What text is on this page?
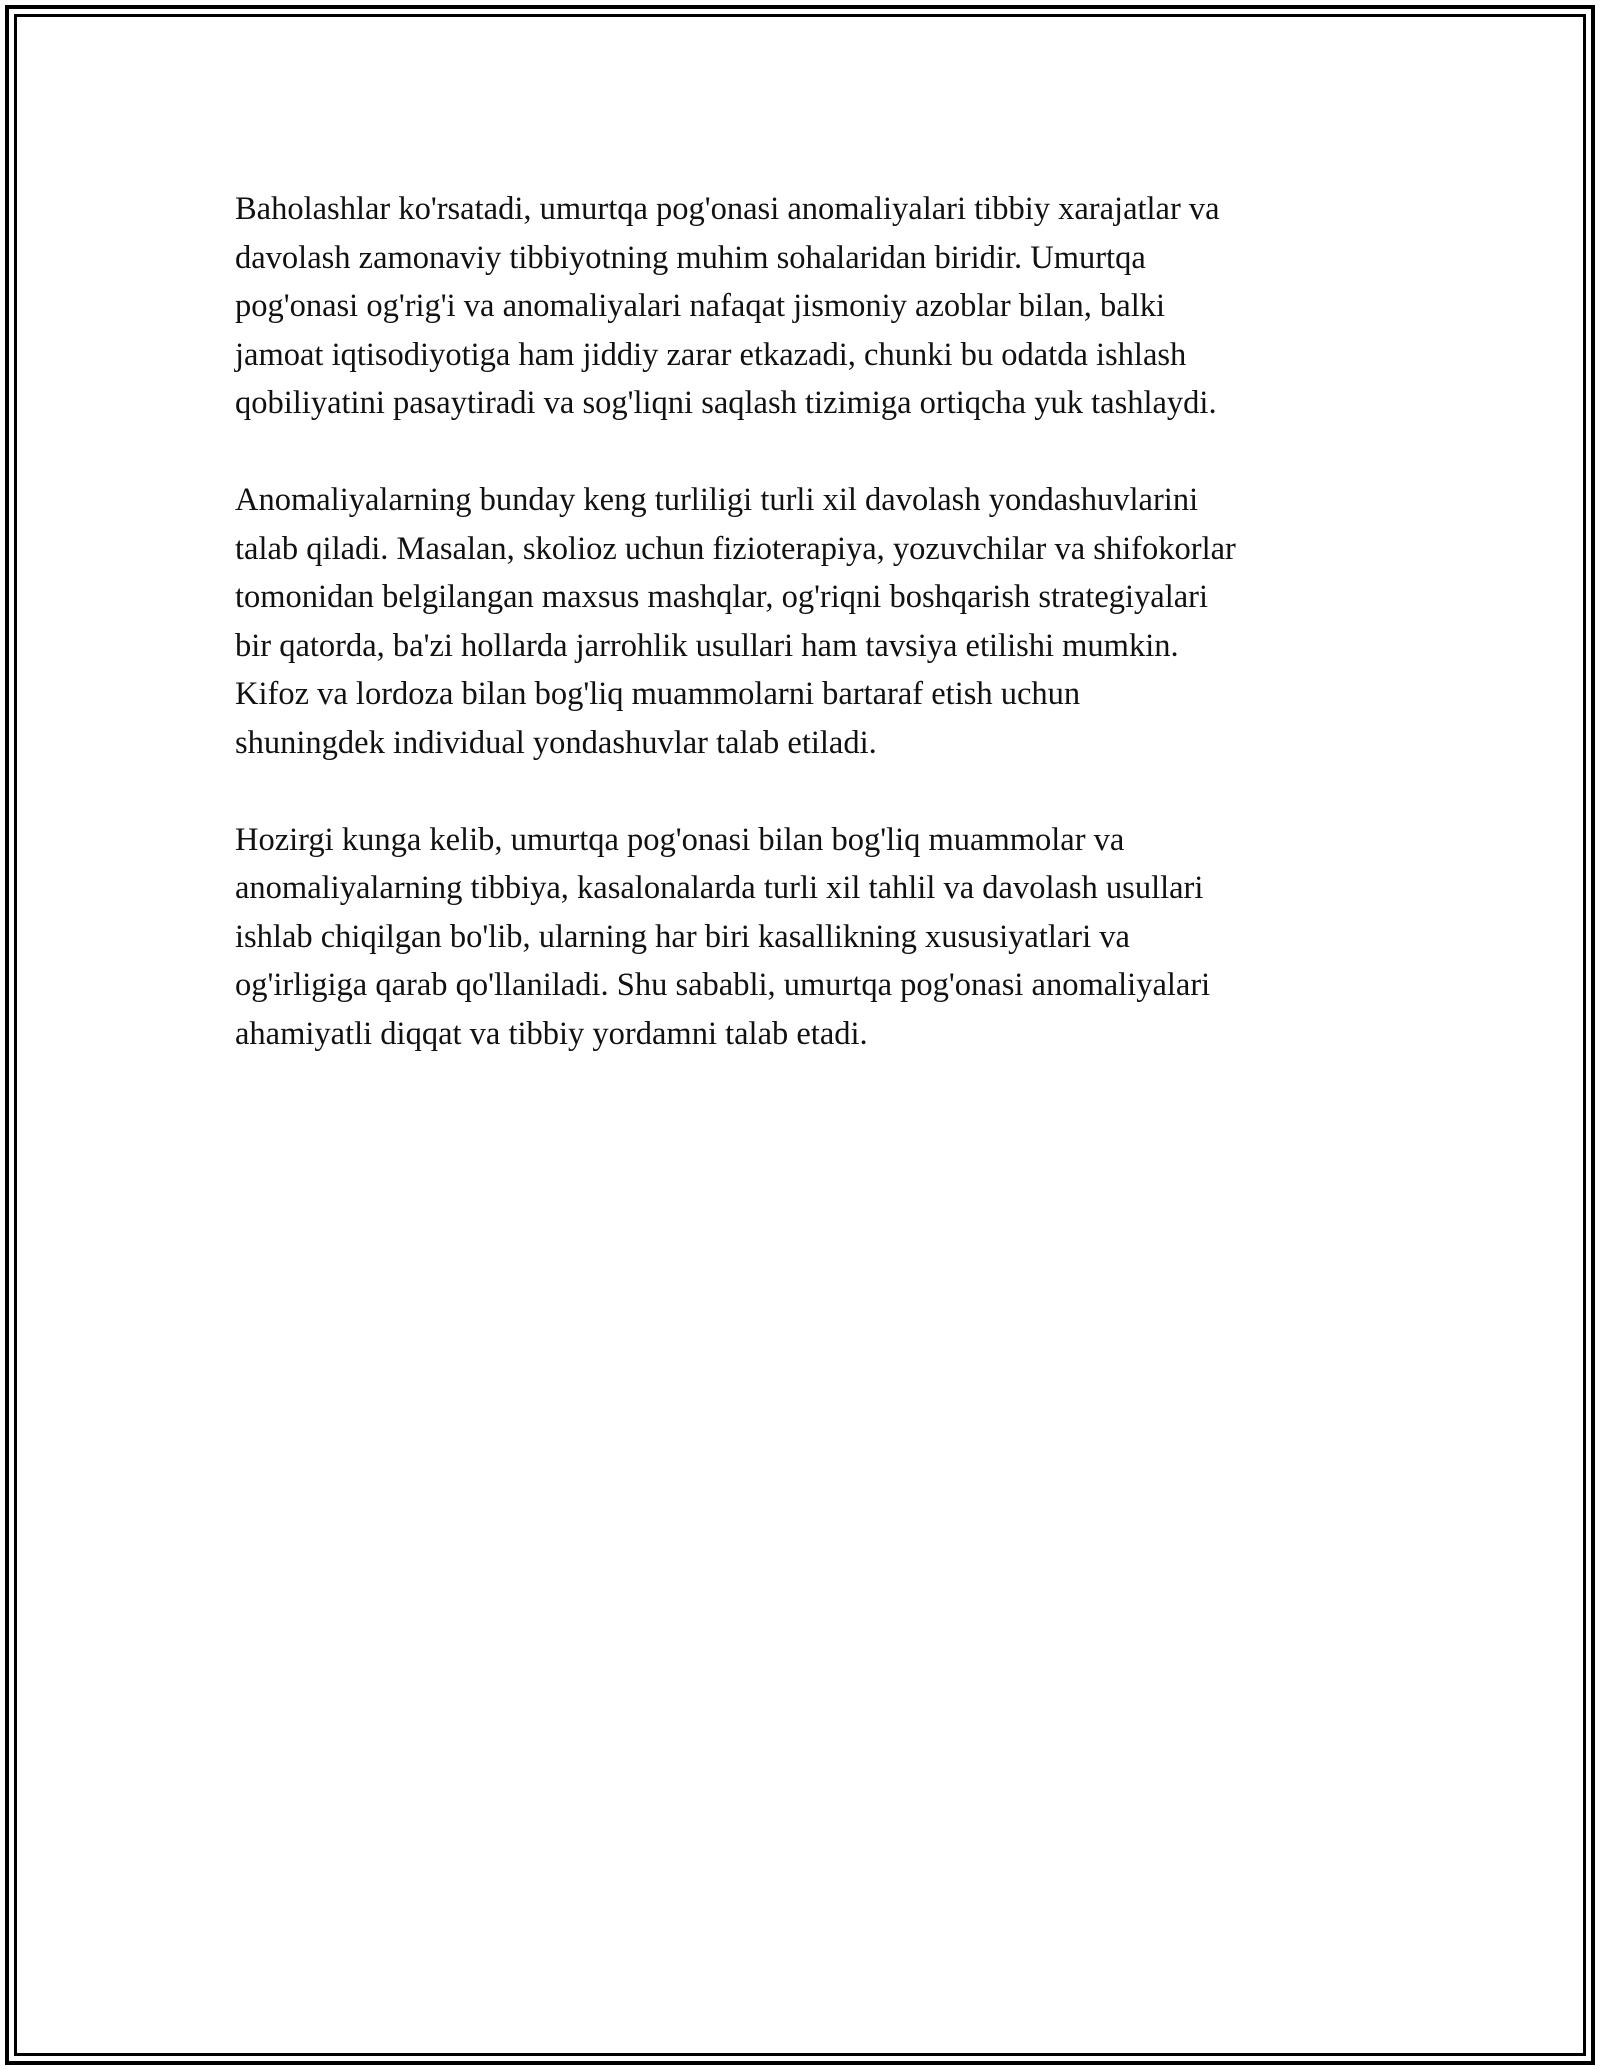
Baholashlar ko'rsatadi, umurtqa pog'onasi anomaliyalari tibbiy xarajatlar va
davolash zamonaviy tibbiyotning muhim sohalaridan biridir. Umurtqa
pog'onasi og'rig'i va anomaliyalari nafaqat jismoniy azoblar bilan, balki
jamoat iqtisodiyotiga ham jiddiy zarar etkazadi, chunki bu odatda ishlash
qobiliyatini pasaytiradi va sog'liqni saqlash tizimiga ortiqcha yuk tashlaydi.

Anomaliyalarning bunday keng turliligi turli xil davolash yondashuvlarini
talab qiladi. Masalan, skolioz uchun fizioterapiya, yozuvchilar va shifokorlar
tomonidan belgilangan maxsus mashqlar, og'riqni boshqarish strategiyalari
bir qatorda, ba'zi hollarda jarrohlik usullari ham tavsiya etilishi mumkin.
Kifoz va lordoza bilan bog'liq muammolarni bartaraf etish uchun
shuningdek individual yondashuvlar talab etiladi.

Hozirgi kunga kelib, umurtqa pog'onasi bilan bog'liq muammolar va
anomaliyalarning tibbiya, kasalonalarda turli xil tahlil va davolash usullari
ishlab chiqilgan bo'lib, ularning har biri kasallikning xususiyatlari va
og'irligiga qarab qo'llaniladi. Shu sababli, umurtqa pog'onasi anomaliyalari
ahamiyatli diqqat va tibbiy yordamni talab etadi.
